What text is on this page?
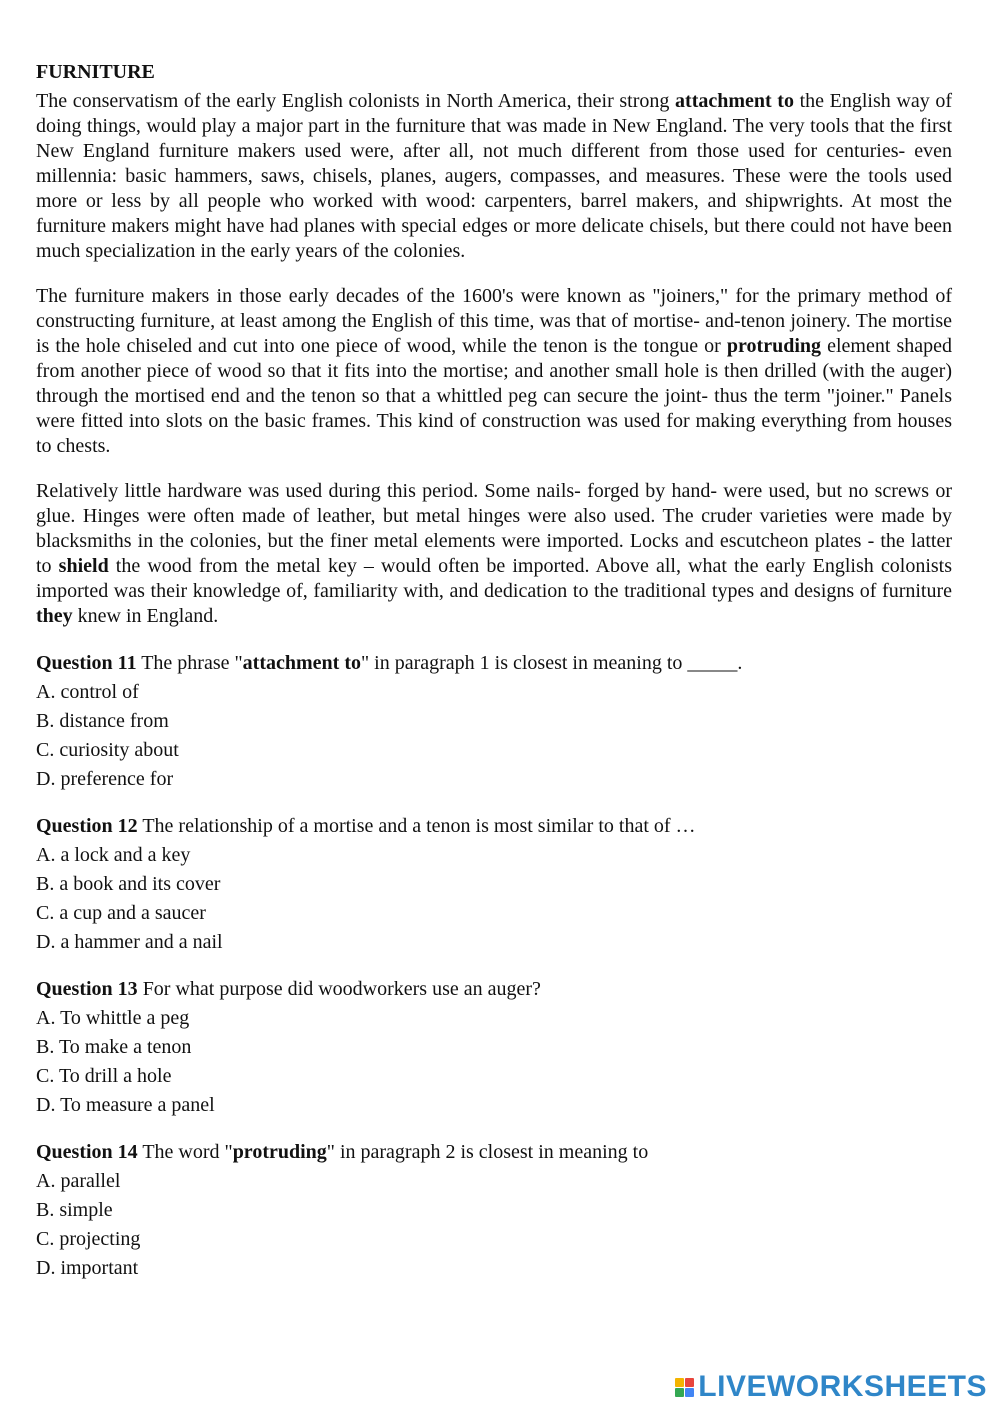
FURNITURE

The conservatism of the early English colonists in North America, their strong attachment to the English way of doing things, would play a major part in the furniture that was made in New England. The very tools that the first New England furniture makers used were, after all, not much different from those used for centuries- even millennia: basic hammers, saws, chisels, planes, augers, compasses, and measures. These were the tools used more or less by all people who worked with wood: carpenters, barrel makers, and shipwrights. At most the furniture makers might have had planes with special edges or more delicate chisels, but there could not have been much specialization in the early years of the colonies.

The furniture makers in those early decades of the 1600's were known as "joiners," for the primary method of constructing furniture, at least among the English of this time, was that of mortise- and-tenon joinery. The mortise is the hole chiseled and cut into one piece of wood, while the tenon is the tongue or protruding element shaped from another piece of wood so that it fits into the mortise; and another small hole is then drilled (with the auger) through the mortised end and the tenon so that a whittled peg can secure the joint- thus the term "joiner." Panels were fitted into slots on the basic frames. This kind of construction was used for making everything from houses to chests.

Relatively little hardware was used during this period. Some nails- forged by hand- were used, but no screws or glue. Hinges were often made of leather, but metal hinges were also used. The cruder varieties were made by blacksmiths in the colonies, but the finer metal elements were imported. Locks and escutcheon plates - the latter to shield the wood from the metal key – would often be imported. Above all, what the early English colonists imported was their knowledge of, familiarity with, and dedication to the traditional types and designs of furniture they knew in England.

Question 11 The phrase "attachment to" in paragraph 1 is closest in meaning to _____.
A. control of
B. distance from
C. curiosity about
D. preference for
Question 12 The relationship of a mortise and a tenon is most similar to that of …
A. a lock and a key
B. a book and its cover
C. a cup and a saucer
D. a hammer and a nail
Question 13 For what purpose did woodworkers use an auger?
A. To whittle a peg
B. To make a tenon
C. To drill a hole
D. To measure a panel
Question 14 The word "protruding" in paragraph 2 is closest in meaning to
A. parallel
B. simple
C. projecting
D. important
LIVEWORKSHEETS
